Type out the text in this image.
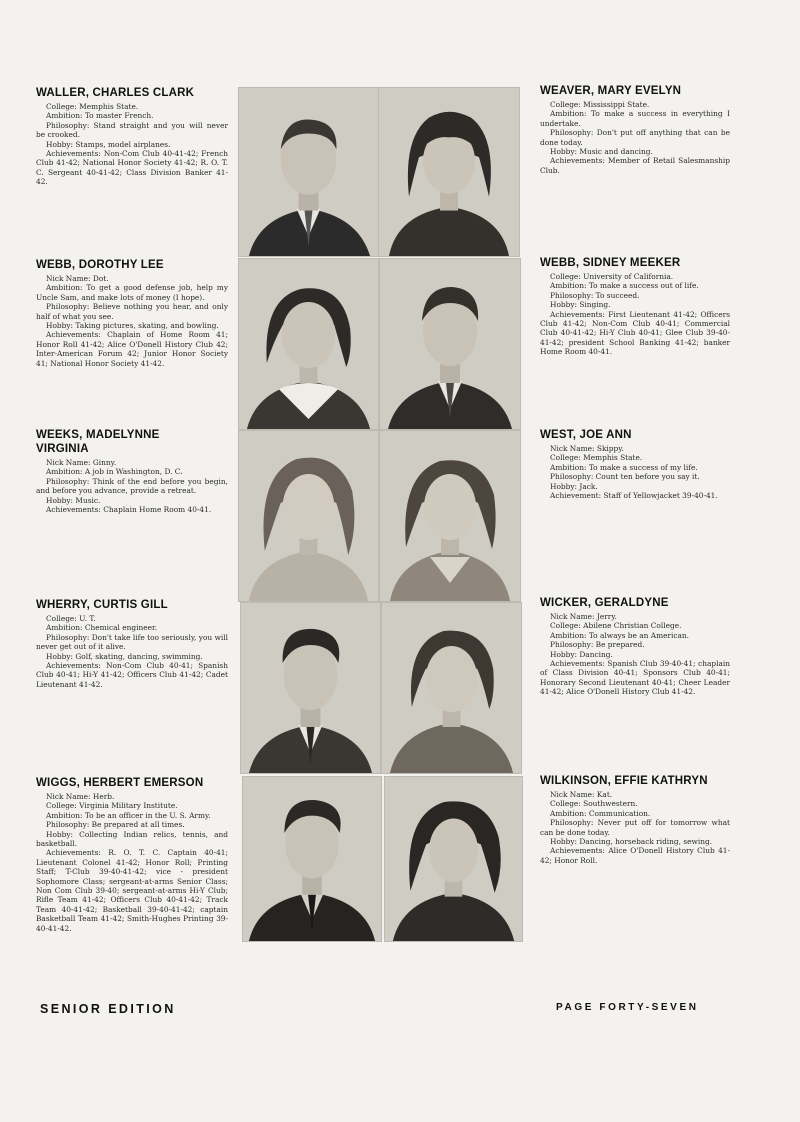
WALLER, CHARLES CLARK

College: Memphis State.

Ambition: To master French.

Philosophy: Stand straight and you will never be crooked.

Hobby: Stamps, model airplanes.

Achievements: Non-Com Club 40-41-42; French Club 41-42; National Honor Society 41-42; R. O. T. C. Sergeant 40-41-42; Class Division Banker 41-42.

WEAVER, MARY EVELYN

College: Mississippi State.

Ambition: To make a success in everything I undertake.

Philosophy: Don't put off anything that can be done today.

Hobby: Music and dancing.

Achievements: Member of Retail Salesmanship Club.

WEBB, DOROTHY LEE

Nick Name: Dot.

Ambition: To get a good defense job, help my Uncle Sam, and make lots of money (I hope).

Philosophy: Believe nothing you hear, and only half of what you see.

Hobby: Taking pictures, skating, and bowling.

Achievements: Chaplain of Home Room 41; Honor Roll 41-42; Alice O'Donell History Club 42; Inter-American Forum 42; Junior Honor Society 41; National Honor Society 41-42.

WEBB, SIDNEY MEEKER

College: University of California.

Ambition: To make a success out of life.

Philosophy: To succeed.

Hobby: Singing.

Achievements: First Lieutenant 41-42; Officers Club 41-42; Non-Com Club 40-41; Commercial Club 40-41-42; Hi-Y Club 40-41; Glee Club 39-40-41-42; president School Banking 41-42; banker Home Room 40-41.

WEEKS, MADELYNNE VIRGINIA

Nick Name: Ginny.

Ambition: A job in Washington, D. C.

Philosophy: Think of the end before you begin, and before you advance, provide a retreat.

Hobby: Music.

Achievements: Chaplain Home Room 40-41.

WEST, JOE ANN

Nick Name: Skippy.

College: Memphis State.

Ambition: To make a success of my life.

Philosophy: Count ten before you say it.

Hobby: Jack.

Achievement: Staff of Yellowjacket 39-40-41.

WHERRY, CURTIS GILL

College: U. T.

Ambition: Chemical engineer.

Philosophy: Don't take life too seriously, you will never get out of it alive.

Hobby: Golf, skating, dancing, swimming.

Achievements: Non-Com Club 40-41; Spanish Club 40-41; Hi-Y 41-42; Officers Club 41-42; Cadet Lieutenant 41-42.

WICKER, GERALDYNE

Nick Name: Jerry.

College: Abilene Christian College.

Ambition: To always be an American.

Philosophy: Be prepared.

Hobby: Dancing.

Achievements: Spanish Club 39-40-41; chaplain of Class Division 40-41; Sponsors Club 40-41; Honorary Second Lieutenant 40-41; Cheer Leader 41-42; Alice O'Donell History Club 41-42.

WIGGS, HERBERT EMERSON

Nick Name: Herb.

College: Virginia Military Institute.

Ambition: To be an officer in the U. S. Army.

Philosophy: Be prepared at all times.

Hobby: Collecting Indian relics, tennis, and basketball.

Achievements: R. O. T. C. Captain 40-41; Lieutenant Colonel 41-42; Honor Roll; Printing Staff; T-Club 39-40-41-42; vice - president Sophomore Class; sergeant-at-arms Senior Class; Non Com Club 39-40; sergeant-at-arms Hi-Y Club; Rifle Team 41-42; Officers Club 40-41-42; Track Team 40-41-42; Basketball 39-40-41-42; captain Basketball Team 41-42; Smith-Hughes Printing 39-40-41-42.

WILKINSON, EFFIE KATHRYN

Nick Name: Kat.

College: Southwestern.

Ambition: Communication.

Philosophy: Never put off for tomorrow what can be done today.

Hobby: Dancing, horseback riding, sewing.

Achievements: Alice O'Donell History Club 41-42; Honor Roll.

SENIOR EDITION	PAGE FORTY-SEVEN
